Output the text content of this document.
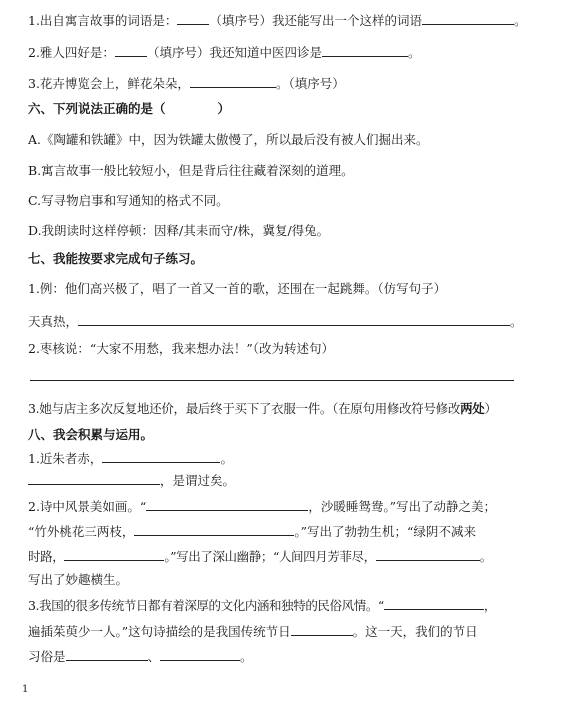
1.出自寓言故事的词语是：	（填序号）我还能写出一个这样的词语	。
2.雅人四好是：	（填序号）我还知道中医四诊是	。
3.花卉博览会上，鲜花朵朵，	。（填序号）
六、下列说法正确的是（	）
A.《陶罐和铁罐》中，因为铁罐太傲慢了，所以最后没有被人们掘出来。
B.寓言故事一般比较短小，但是背后往往藏着深刻的道理。
C.写寻物启事和写通知的格式不同。
D.我朗读时这样停顿：因释/其耒而守/株，冀复/得兔。
七、我能按要求完成句子练习。
1.例：他们高兴极了，唱了一首又一首的歌，还围在一起跳舞。（仿写句子）
天真热，	。
2.枣核说：“大家不用愁，我来想办法！”（改为转述句）
3.她与店主多次反复地还价，最后终于买下了衣服一件。（在原句用修改符号修改两处）
八、我会积累与运用。
1.近朱者赤，	。
，是谓过矣。
2.诗中风景美如画。“	，沙暖睡鸳鸯。”写出了动静之美；
“竹外桃花三两枝，	。”写出了勃勃生机；“绿阴不减来
时路，	。”写出了深山幽静；“人间四月芳菲尽，	。
写出了妙趣横生。
3.我国的很多传统节日都有着深厚的文化内涵和独特的民俗风情。“	，
遍插茱萸少一人。”这句诗描绘的是我国传统节日	。这一天，我们的节日
习俗是	、	。
1
